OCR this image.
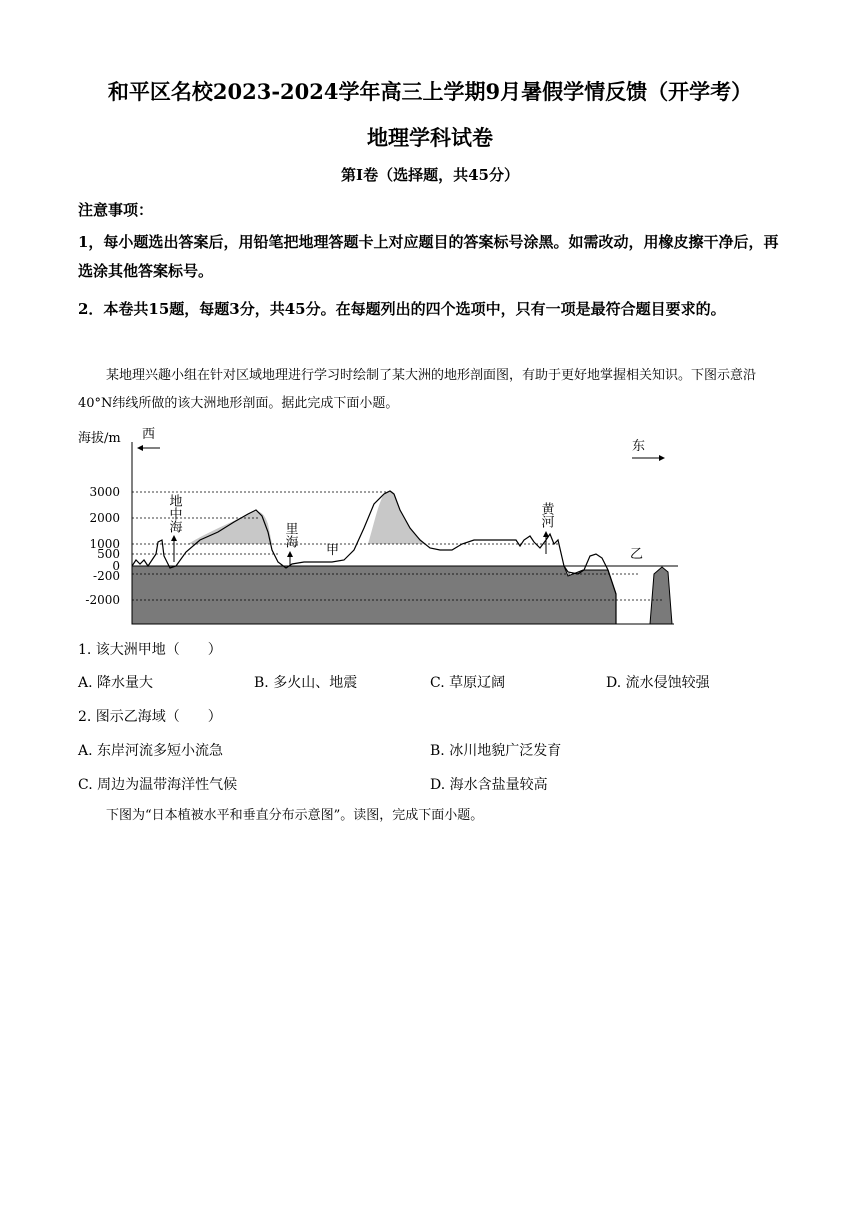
和平区名校2023-2024学年高三上学期9月暑假学情反馈（开学考）
地理学科试卷
第Ⅰ卷（选择题，共45分）
注意事项：
1，每小题选出答案后，用铅笔把地理答题卡上对应题目的答案标号涂黑。如需改动，用橡皮擦干净后，再选涂其他答案标号。
2．本卷共15题，每题3分，共45分。在每题列出的四个选项中，只有一项是最符合题目要求的。
某地理兴趣小组在针对区域地理进行学习时绘制了某大洲的地形剖面图，有助于更好地掌握相关知识。下图示意沿40°N纬线所做的该大洲地形剖面。据此完成下面小题。
3000
2000
1000
500
0
-200
-2000
海拔/m 西
东
地中海
里海
甲
黄河
乙
1. 该大洲甲地（　　）
A. 降水量大	B. 多火山、地震	C. 草原辽阔	D. 流水侵蚀较强
2. 图示乙海域（　　）
A. 东岸河流多短小流急	B. 冰川地貌广泛发育
C. 周边为温带海洋性气候	D. 海水含盐量较高
下图为“日本植被水平和垂直分布示意图”。读图，完成下面小题。
